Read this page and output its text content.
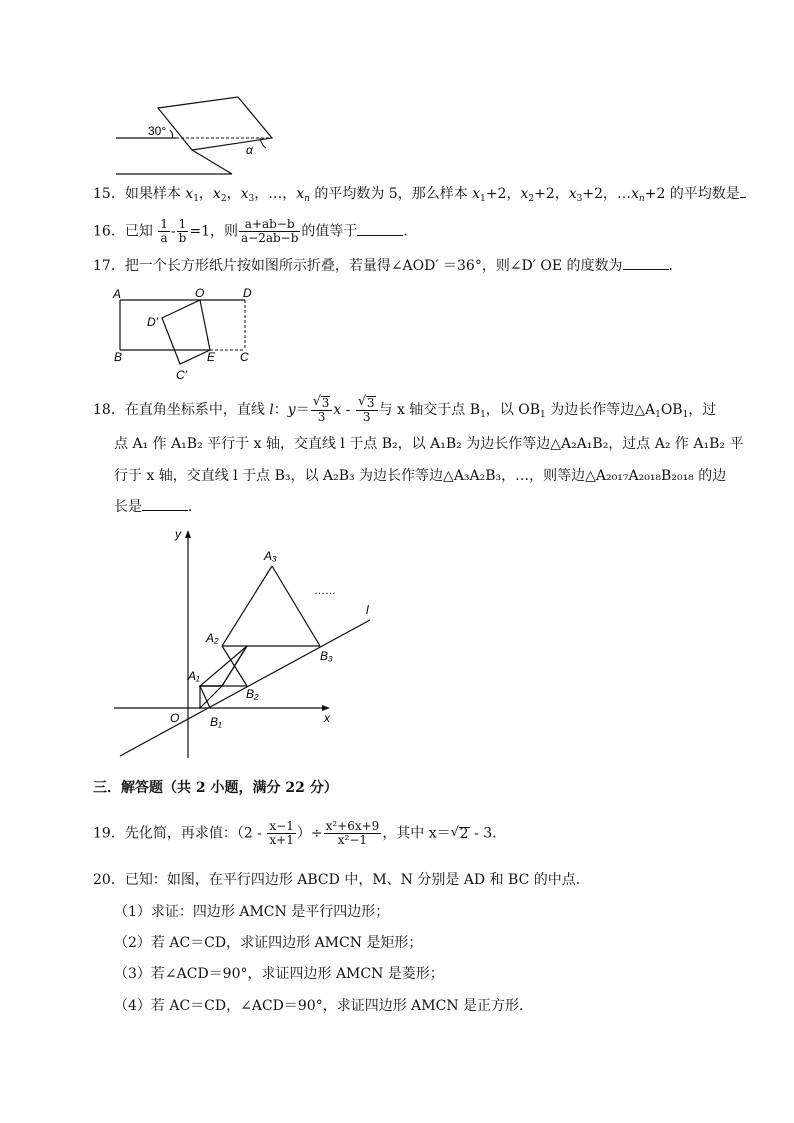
30°
α
15．如果样本 $x_1$，$x_2$，$x_3$，…，$x_n$ 的平均数为 5，那么样本 $x_1+2$，$x_2+2$，$x_3+2$，$\dots x_n+2$ 的平均数是
16．已知 $\frac{1}{a} - \frac{1}{b} =1$，则 $\frac{a+ab-b}{a-2ab-b}$ 的值等于	．
17．把一个长方形纸片按如图所示折叠，若量得∠AOD′ ＝36°，则∠D′ OE 的度数为	．
A	O	D
D′
B	E C
C′
18．在直角坐标系中，直线 l：$y= \frac{√ 3}{3}$ x - $\frac{√ 3}{3}$ 与 x 轴交于点 $B_1$，以 $OB_1$ 为边长作等边$\triangle A_1OB_1$，过
点 A₁ 作 A₁B₂ 平行于 x 轴，交直线 l 于点 B₂，以 A₁B₂ 为边长作等边△A₂A₁B₂，过点 A₂ 作 A₁B₂ 平
行于 x 轴，交直线 l 于点 B₃，以 A₂B₃ 为边长作等边△A₃A₂B₃，…，则等边△A₂₀₁₇A₂₀₁₈B₂₀₁₈ 的边
长是	．
y
x
O
A₁
A₂
A₃
B₁
B₂
B₃
l
……
三．解答题（共 2 小题，满分 22 分）
19．先化简，再求值：（$2 - \frac{x-1}{x+1}$ ）÷ $\frac{\text{x²+6x+9}}{\text{x²−1}}$ ，其中 x＝ √ 2 - 3.
20．已知：如图，在平行四边形 ABCD 中，M、N 分别是 AD 和 BC 的中点．
（1）求证：四边形 AMCN 是平行四边形；
（2）若 AC＝CD，求证四边形 AMCN 是矩形；
（3）若∠ACD＝90°，求证四边形 AMCN 是菱形；
（4）若 AC＝CD，∠ACD＝90°，求证四边形 AMCN 是正方形.
